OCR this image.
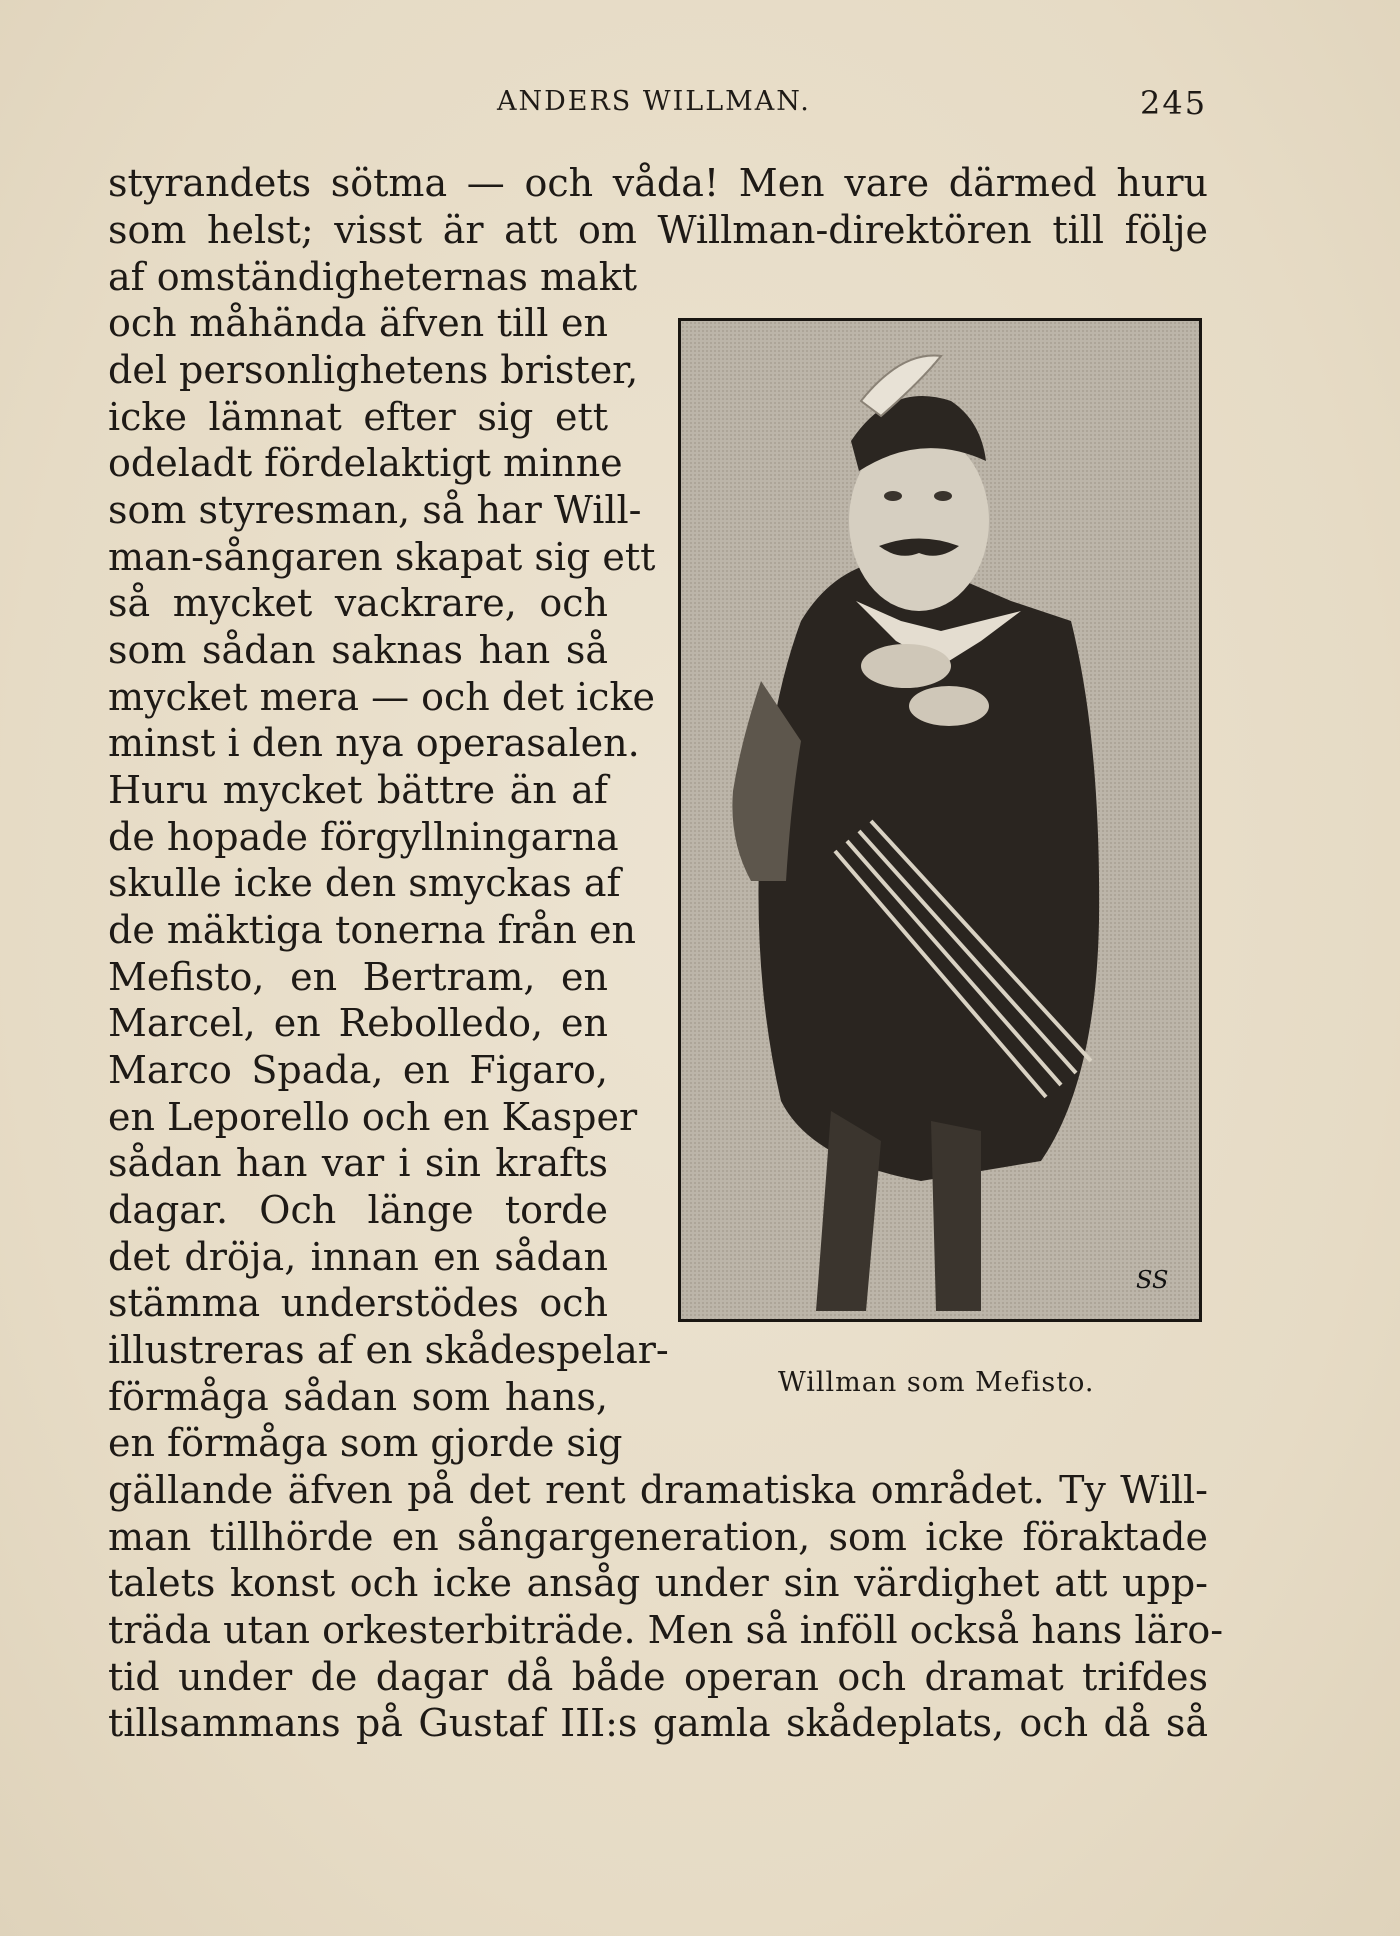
ANDERS WILLMAN.	245
styrandets sötma — och våda! Men vare därmed huru
som helst; visst är att om Willman-direktören till följe
af omständigheternas makt
och måhända äfven till en
del personlighetens brister,
icke lämnat efter sig ett
odeladt fördelaktigt minne
som styresman, så har Will-
man-sångaren skapat sig ett
så mycket vackrare, och
som sådan saknas han så
mycket mera — och det icke
minst i den nya operasalen.
Huru mycket bättre än af
de hopade förgyllningarna
skulle icke den smyckas af
de mäktiga tonerna från en
Mefisto, en Bertram, en
Marcel, en Rebolledo, en
Marco Spada, en Figaro,
en Leporello och en Kasper
sådan han var i sin krafts
dagar. Och länge torde
det dröja, innan en sådan
stämma understödes och
illustreras af en skådespelar-
förmåga sådan som hans,
en förmåga som gjorde sig
gällande äfven på det rent dramatiska området. Ty Will-
man tillhörde en sångargeneration, som icke föraktade
talets konst och icke ansåg under sin värdighet att upp-
träda utan orkesterbiträde. Men så inföll också hans läro-
tid under de dagar då både operan och dramat trifdes
tillsammans på Gustaf III:s gamla skådeplats, och då så
SS
Willman som Mefisto.
